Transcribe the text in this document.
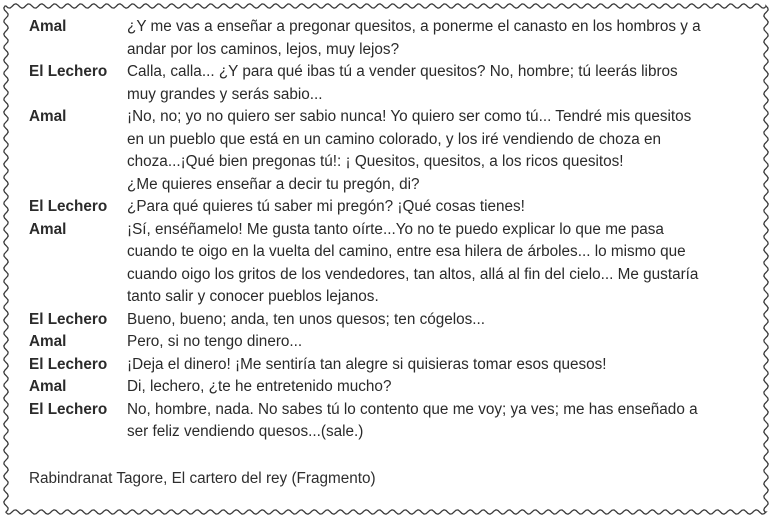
Amal	¿Y me vas a enseñar a pregonar quesitos, a ponerme el canasto en los hombros y a
andar por los caminos, lejos, muy lejos?
El Lechero	Calla, calla... ¿Y para qué ibas tú a vender quesitos? No, hombre; tú leerás libros
muy grandes y serás sabio...
Amal	¡No, no; yo no quiero ser sabio nunca! Yo quiero ser como tú... Tendré mis quesitos
en un pueblo que está en un camino colorado, y los iré vendiendo de choza en
choza...¡Qué bien pregonas tú!: ¡ Quesitos, quesitos, a los ricos quesitos!
¿Me quieres enseñar a decir tu pregón, di?
El Lechero	¿Para qué quieres tú saber mi pregón? ¡Qué cosas tienes!
Amal	¡Sí, enséñamelo! Me gusta tanto oírte...Yo no te puedo explicar lo que me pasa
cuando te oigo en la vuelta del camino, entre esa hilera de árboles... lo mismo que
cuando oigo los gritos de los vendedores, tan altos, allá al fin del cielo... Me gustaría
tanto salir y conocer pueblos lejanos.
El Lechero	Bueno, bueno; anda, ten unos quesos; ten cógelos...
Amal	Pero, si no tengo dinero...
El Lechero	¡Deja el dinero! ¡Me sentiría tan alegre si quisieras tomar esos quesos!
Amal	Di, lechero, ¿te he entretenido mucho?
El Lechero	No, hombre, nada. No sabes tú lo contento que me voy; ya ves; me has enseñado a
ser feliz vendiendo quesos...(sale.)
Rabindranat Tagore, El cartero del rey (Fragmento)
